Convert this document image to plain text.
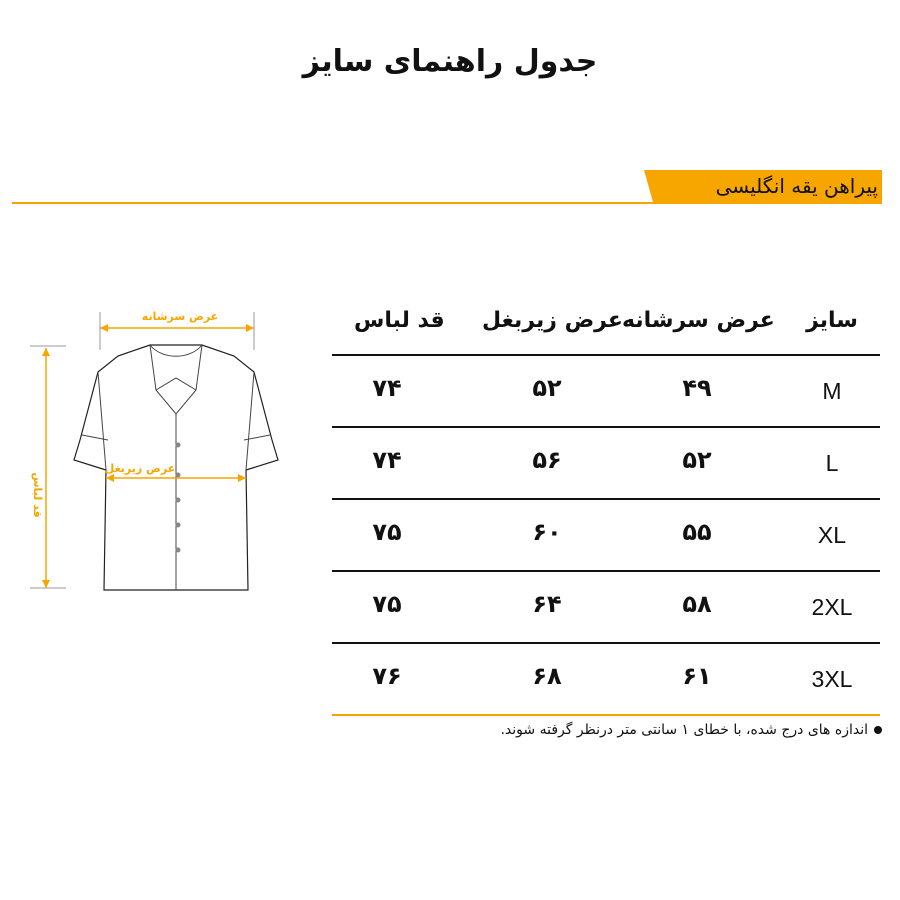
جدول راهنمای سایز
پیراهن یقه انگلیسی
عرض سرشانه
عرض زیربغل
قد لباس
سایز
عرض سرشانه
عرض زیربغل
قد لباس
M
۴۹
۵۲
۷۴
L
۵۲
۵۶
۷۴
XL
۵۵
۶۰
۷۵
2XL
۵۸
۶۴
۷۵
3XL
۶۱
۶۸
۷۶
اندازه های درج شده، با خطای ۱ سانتی متر درنظر گرفته شوند.
